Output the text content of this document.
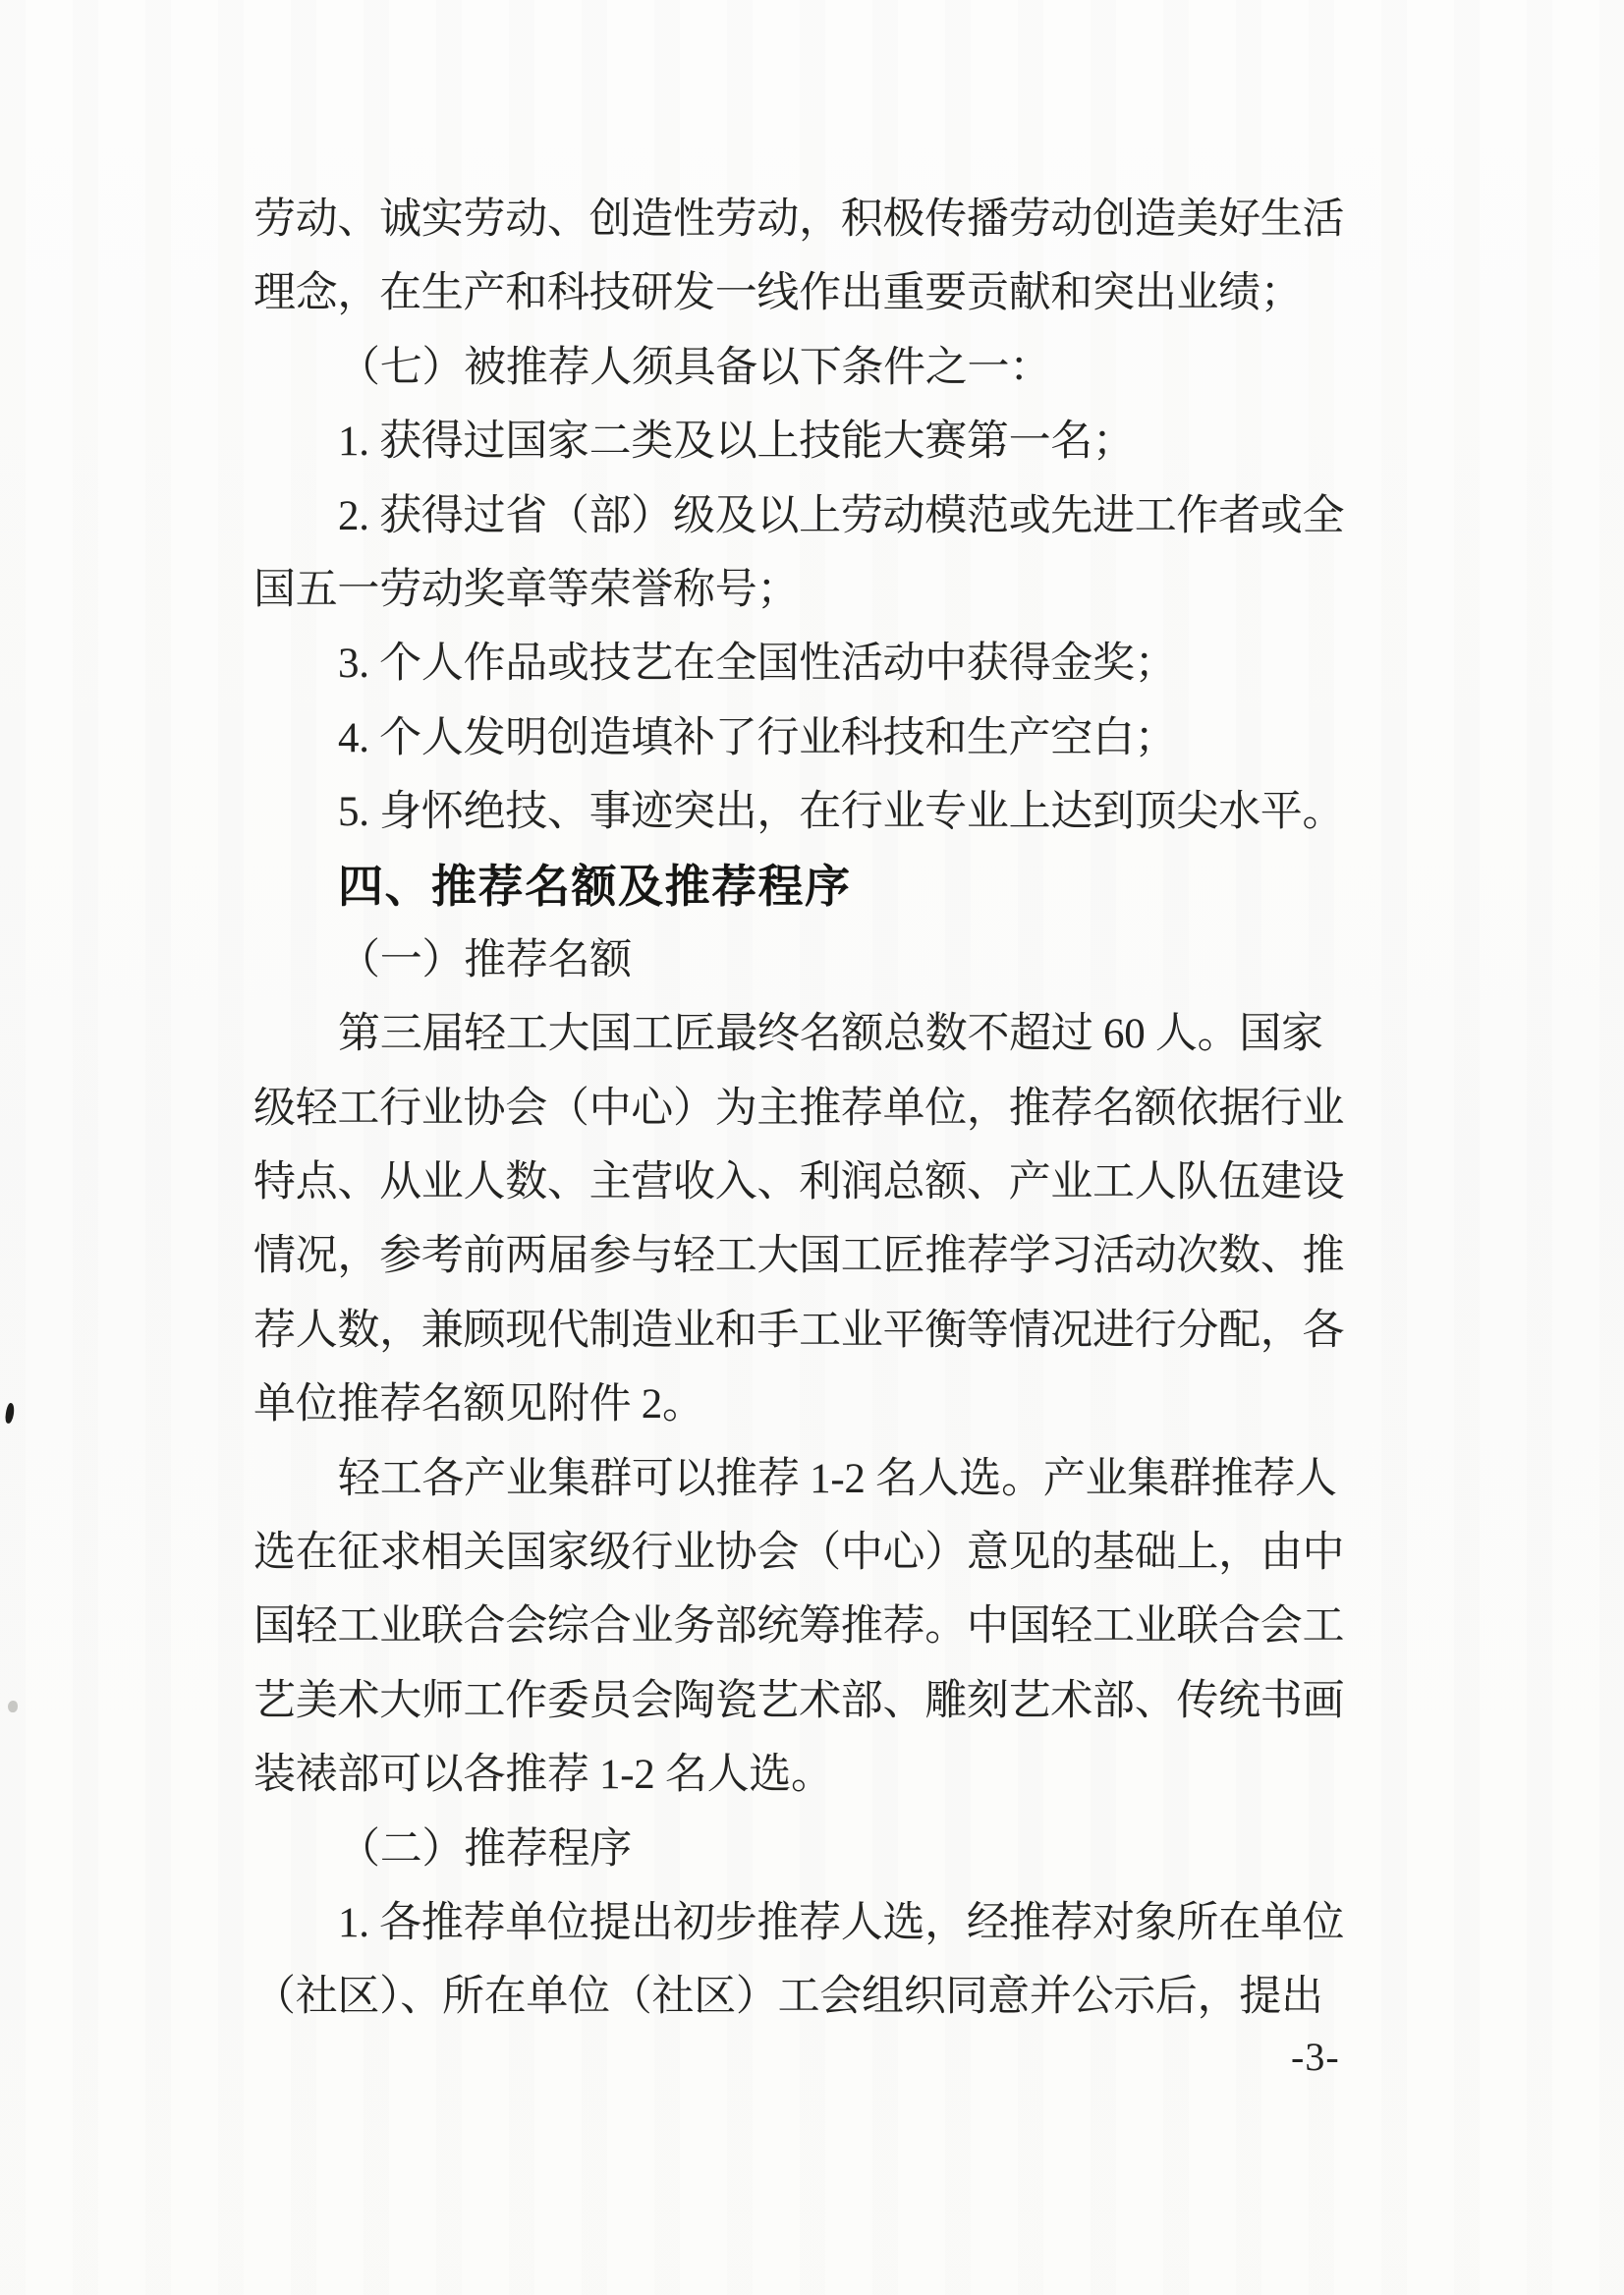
劳动、诚实劳动、创造性劳动，积极传播劳动创造美好生活
理念，在生产和科技研发一线作出重要贡献和突出业绩；
（七）被推荐人须具备以下条件之一：
1. 获得过国家二类及以上技能大赛第一名；
2. 获得过省（部）级及以上劳动模范或先进工作者或全
国五一劳动奖章等荣誉称号；
3. 个人作品或技艺在全国性活动中获得金奖；
4. 个人发明创造填补了行业科技和生产空白；
5. 身怀绝技、事迹突出，在行业专业上达到顶尖水平。
四、推荐名额及推荐程序
（一）推荐名额
第三届轻工大国工匠最终名额总数不超过 60 人。国家
级轻工行业协会（中心）为主推荐单位，推荐名额依据行业
特点、从业人数、主营收入、利润总额、产业工人队伍建设
情况，参考前两届参与轻工大国工匠推荐学习活动次数、推
荐人数，兼顾现代制造业和手工业平衡等情况进行分配，各
单位推荐名额见附件 2。
轻工各产业集群可以推荐 1-2 名人选。产业集群推荐人
选在征求相关国家级行业协会（中心）意见的基础上，由中
国轻工业联合会综合业务部统筹推荐。中国轻工业联合会工
艺美术大师工作委员会陶瓷艺术部、雕刻艺术部、传统书画
装裱部可以各推荐 1-2 名人选。
（二）推荐程序
1. 各推荐单位提出初步推荐人选，经推荐对象所在单位
（社区）、所在单位（社区）工会组织同意并公示后，提出
-3-
